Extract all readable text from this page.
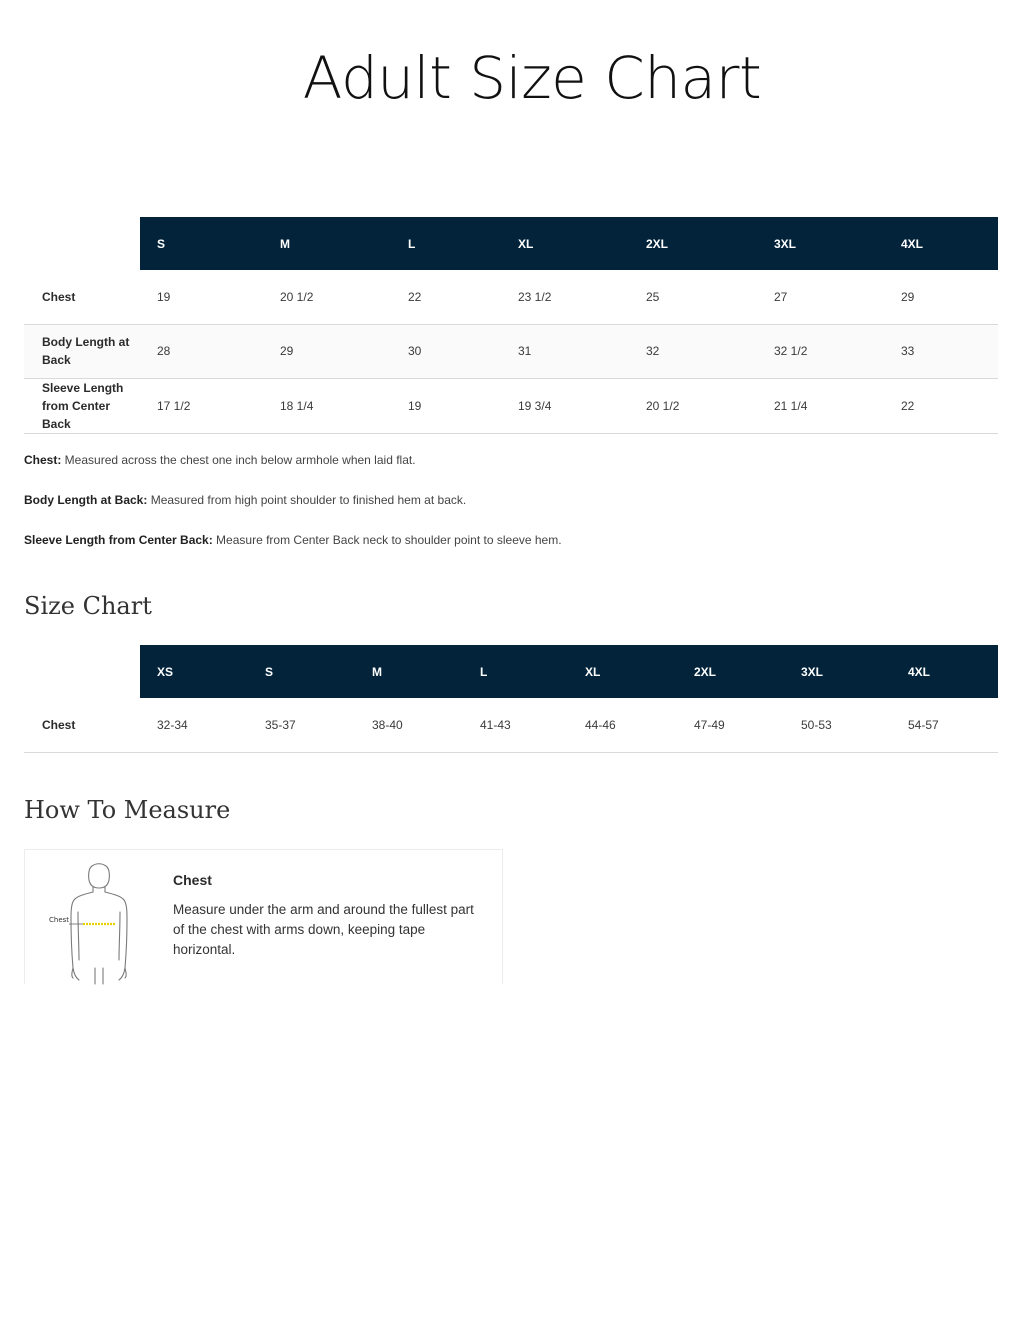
Adult Size Chart
	S	M	L	XL	2XL	3XL	4XL
Chest	19	20 1/2	22	23 1/2	25	27	29
Body Length at Back	28	29	30	31	32	32 1/2	33
Sleeve Length from Center Back	17 1/2	18 1/4	19	19 3/4	20 1/2	21 1/4	22
Chest: Measured across the chest one inch below armhole when laid flat.
Body Length at Back: Measured from high point shoulder to finished hem at back.
Sleeve Length from Center Back: Measure from Center Back neck to shoulder point to sleeve hem.
Size Chart
	XS	S	M	L	XL	2XL	3XL	4XL
Chest	32-34	35-37	38-40	41-43	44-46	47-49	50-53	54-57
How To Measure
Chest
Chest
Measure under the arm and around the fullest part of the chest with arms down, keeping tape horizontal.
